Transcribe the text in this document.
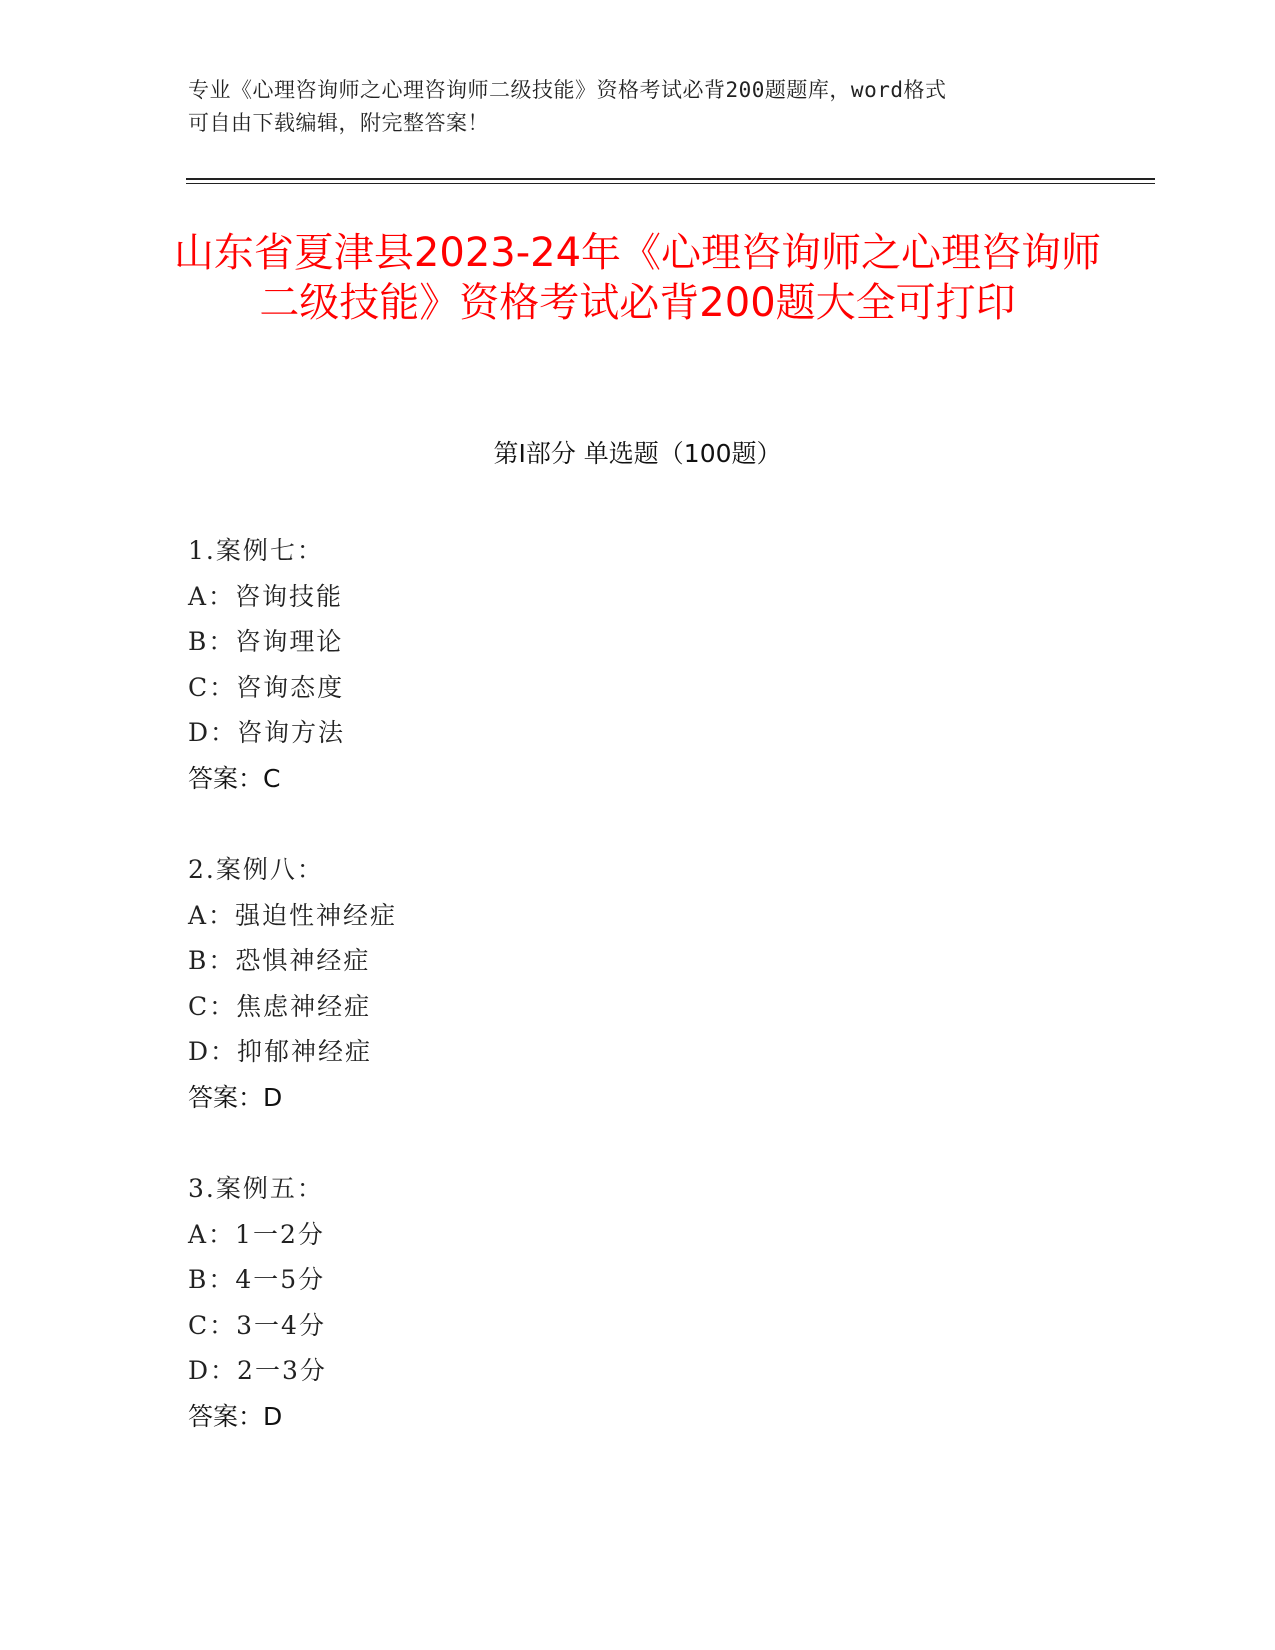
专业《心理咨询师之心理咨询师二级技能》资格考试必背200题题库，word格式
可自由下载编辑，附完整答案！
山东省夏津县2023-24年《心理咨询师之心理咨询师二级技能》资格考试必背200题大全可打印
第Ⅰ部分 单选题（100题）
1.案例七：
A：咨询技能
B：咨询理论
C：咨询态度
D：咨询方法
答案：C
2.案例八：
A：强迫性神经症
B：恐惧神经症
C：焦虑神经症
D：抑郁神经症
答案：D
3.案例五：
A：1一2分
B：4一5分
C：3一4分
D：2一3分
答案：D
